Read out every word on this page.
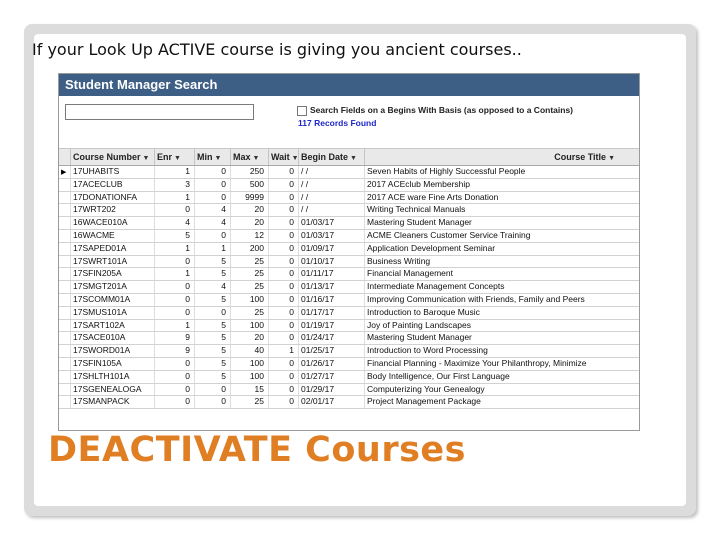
If your Look Up ACTIVE course is giving you ancient courses..
Student Manager Search
Search Fields on a Begins With Basis (as opposed to a Contains)
117 Records Found
Course Number ▼ Enr ▼	Min ▼	Max ▼	Wait ▼ Begin Date ▼	Course Title ▼
▶ 17UHABITS	1	0	250	0 / /	Seven Habits of Highly Successful People
17ACECLUB	3	0	500	0 / /	2017 ACEclub Membership
17DONATIONFA	1	0	9999	0 / /	2017 ACE ware Fine Arts Donation
17WRT202	0	4	20	0 / /	Writing Technical Manuals
16WACE010A	4	4	20	0 01/03/17	Mastering Student Manager
16WACME	5	0	12	0 01/03/17	ACME Cleaners Customer Service Training
17SAPED01A	1	1	200	0 01/09/17	Application Development Seminar
17SWRT101A	0	5	25	0 01/10/17	Business Writing
17SFIN205A	1	5	25	0 01/11/17	Financial Management
17SMGT201A	0	4	25	0 01/13/17	Intermediate Management Concepts
17SCOMM01A	0	5	100	0 01/16/17	Improving Communication with Friends, Family and Peers
17SMUS101A	0	0	25	0 01/17/17	Introduction to Baroque Music
17SART102A	1	5	100	0 01/19/17	Joy of Painting Landscapes
17SACE010A	9	5	20	0 01/24/17	Mastering Student Manager
17SWORD01A	9	5	40	1 01/25/17	Introduction to Word Processing
17SFIN105A	0	5	100	0 01/26/17	Financial Planning - Maximize Your Philanthropy, Minimize
17SHLTH101A	0	5	100	0 01/27/17	Body Intelligence, Our First Language
17SGENEALOGA	0	0	15	0 01/29/17	Computerizing Your Genealogy
17SMANPACK	0	0	25	0 02/01/17	Project Management Package
DEACTIVATE Courses
